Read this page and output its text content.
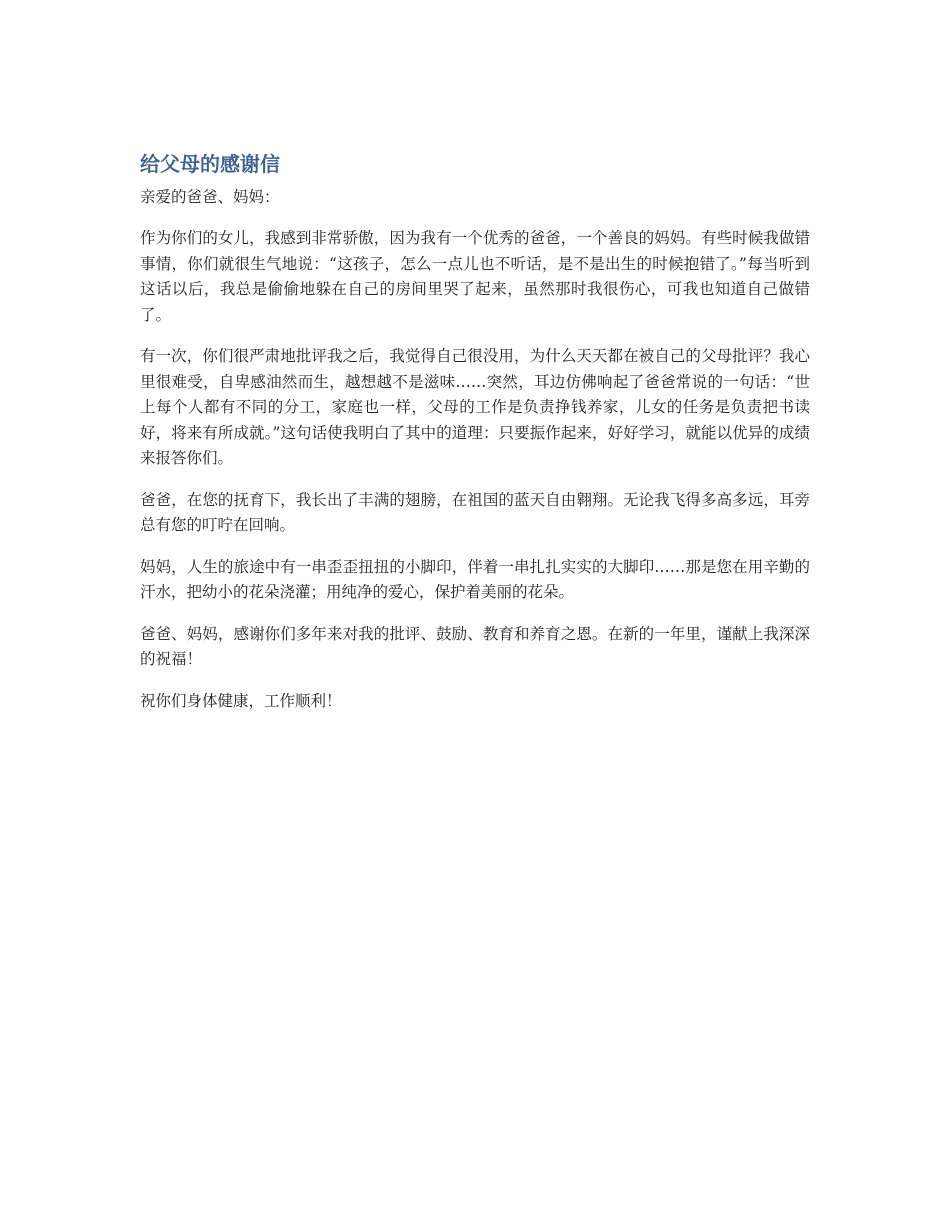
给父母的感谢信

亲爱的爸爸、妈妈：

作为你们的女儿，我感到非常骄傲，因为我有一个优秀的爸爸，一个善良的妈妈。有些时候我做错事情，你们就很生气地说：“这孩子，怎么一点儿也不听话，是不是出生的时候抱错了。”每当听到这话以后，我总是偷偷地躲在自己的房间里哭了起来，虽然那时我很伤心，可我也知道自己做错了。

有一次，你们很严肃地批评我之后，我觉得自己很没用，为什么天天都在被自己的父母批评？我心里很难受，自卑感油然而生，越想越不是滋味……突然，耳边仿佛响起了爸爸常说的一句话：“世上每个人都有不同的分工，家庭也一样，父母的工作是负责挣钱养家，儿女的任务是负责把书读好，将来有所成就。”这句话使我明白了其中的道理：只要振作起来，好好学习，就能以优异的成绩来报答你们。

爸爸，在您的抚育下，我长出了丰满的翅膀，在祖国的蓝天自由翱翔。无论我飞得多高多远，耳旁总有您的叮咛在回响。

妈妈，人生的旅途中有一串歪歪扭扭的小脚印，伴着一串扎扎实实的大脚印……那是您在用辛勤的汗水，把幼小的花朵浇灌；用纯净的爱心，保护着美丽的花朵。

爸爸、妈妈，感谢你们多年来对我的批评、鼓励、教育和养育之恩。在新的一年里，谨献上我深深的祝福！

祝你们身体健康，工作顺利！
